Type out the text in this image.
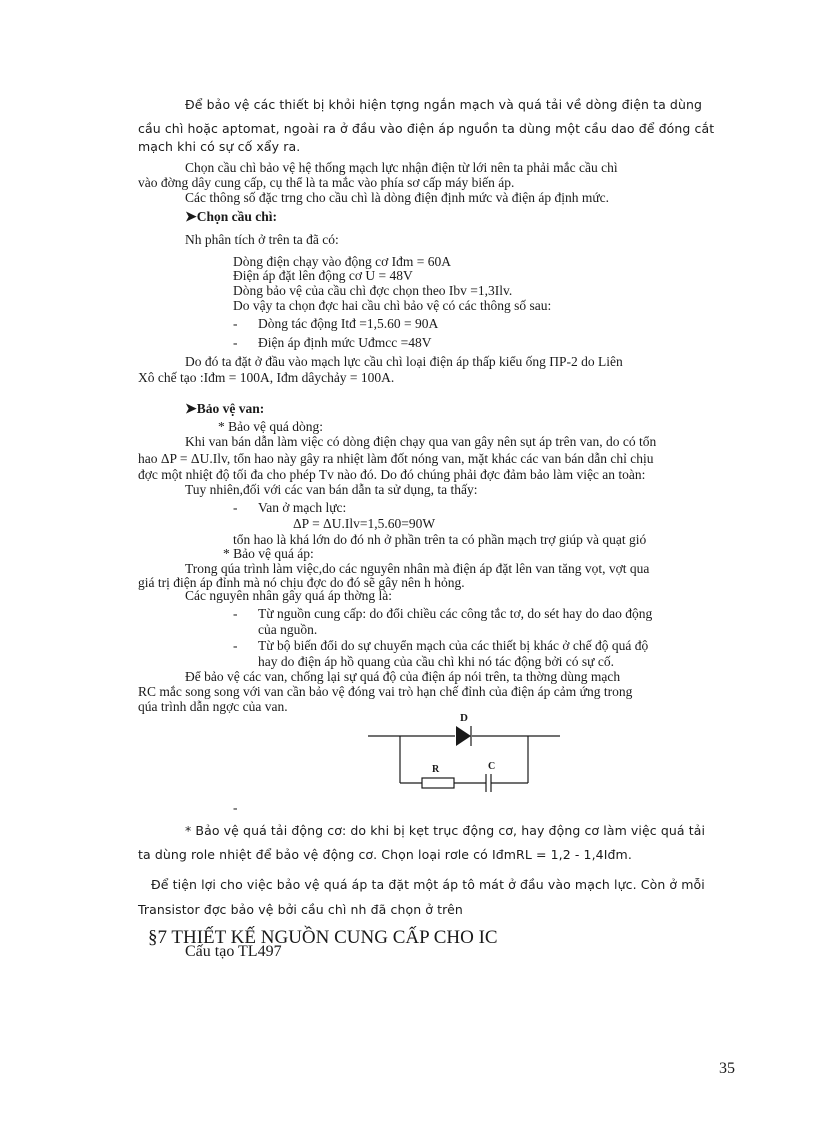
Để bảo vệ các thiết bị khỏi hiện tợng ngắn mạch và quá tải về dòng điện ta dùng
cầu chì hoặc aptomat, ngoài ra ở đầu vào điện áp nguồn ta dùng một cầu dao để đóng cắt
mạch khi có sự cố xẩy ra.
Chọn cầu chì bảo vệ hệ thống mạch lực nhận điện từ lới nên ta phải mắc cầu chì
vào đờng dây cung cấp, cụ thể là ta mắc vào phía sơ cấp máy biến áp.
Các thông số đặc trng cho cầu chì là dòng điện định mức và điện áp định mức.
➤Chọn cầu chì:
Nh phân tích ở trên ta đã có:
Dòng điện chạy vào động cơ Iđm = 60A
Điện áp đặt lên động cơ U = 48V
Dòng bảo vệ của cầu chì đợc chọn theo Ibv =1,3Ilv.
Do vậy ta chọn đợc hai cầu chì bảo vệ có các thông số sau:
- Dòng tác động Itđ =1,5.60 = 90A
- Điện áp định mức Uđmcc =48V
Do đó ta đặt ở đầu vào mạch lực cầu chì loại điện áp thấp kiểu ống ПP-2 do Liên
Xô chế tạo :Iđm = 100A, Iđm dâychảy = 100A.
➤Bảo vệ van:
* Bảo vệ quá dòng:
Khi van bán dẫn làm việc có dòng điện chạy qua van gây nên sụt áp trên van, do có tổn
hao ΔP = ΔU.Ilv, tổn hao này gây ra nhiệt làm đốt nóng van, mặt khác các van bán dẫn chỉ chịu
đợc một nhiệt độ tối đa cho phép Tv nào đó. Do đó chúng phải đợc đảm bảo làm việc an toàn:
Tuy nhiên,đối với các van bán dẫn ta sử dụng, ta thấy:
- Van ở mạch lực:
ΔP = ΔU.Ilv=1,5.60=90W
tổn hao là khá lớn do đó nh ở phần trên ta có phần mạch trợ giúp và quạt gió
* Bảo vệ quá áp:
Trong qúa trình làm việc,do các nguyên nhân mà điện áp đặt lên van tăng vọt, vợt qua
giá trị điện áp đỉnh mà nó chịu đợc do đó sẽ gây nên h hỏng.
Các nguyên nhân gây quá áp thờng là:
- Từ nguồn cung cấp: do đổi chiều các công tắc tơ, do sét hay do dao động
của nguồn.
- Từ bộ biến đổi do sự chuyển mạch của các thiết bị khác ở chế độ quá độ
hay do điện áp hồ quang của cầu chì khi nó tác động bởi có sự cố.
Để bảo vệ các van, chống lại sự quá độ của điện áp nói trên, ta thờng dùng mạch
RC mắc song song với van cần bảo vệ đóng vai trò hạn chế đỉnh của điện áp cảm ứng trong
qúa trình dẫn ngợc của van.
D
R	C
-
* Bảo vệ quá tải động cơ: do khi bị kẹt trục động cơ, hay động cơ làm việc quá tải
ta dùng role nhiệt để bảo vệ động cơ. Chọn loại rơle có IđmRL = 1,2 - 1,4Iđm.
Để tiện lợi cho việc bảo vệ quá áp ta đặt một áp tô mát ở đầu vào mạch lực. Còn ở mỗi
Transistor đợc bảo vệ bởi cầu chì nh đã chọn ở trên
§7 THIẾT KẾ NGUỒN CUNG CẤP CHO IC
Cấu tạo TL497
35
